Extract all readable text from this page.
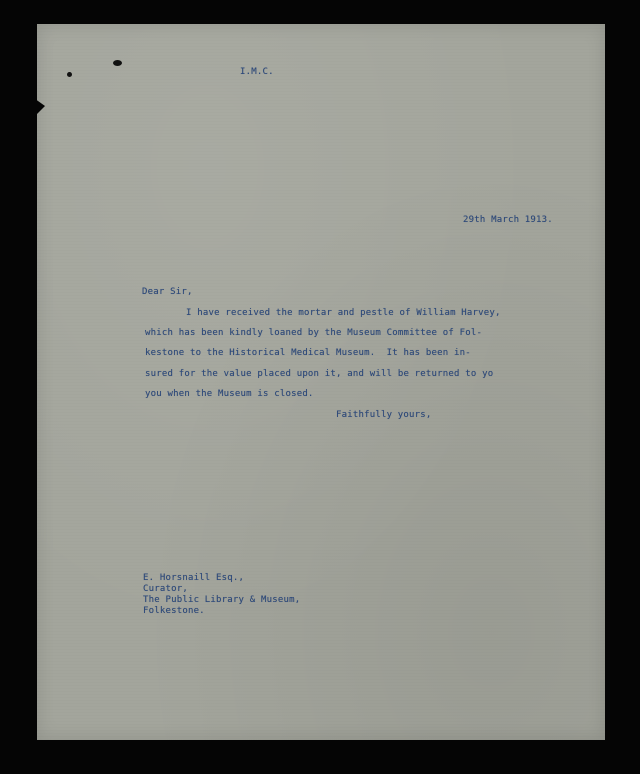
I.M.C.
29th March 1913.
Dear Sir,
I have received the mortar and pestle of William Harvey,
which has been kindly loaned by the Museum Committee of Fol-
kestone to the Historical Medical Museum.  It has been in-
sured for the value placed upon it, and will be returned to yo
you when the Museum is closed.
Faithfully yours,
E. Horsnaill Esq.,
Curator,
The Public Library & Museum,
Folkestone.
